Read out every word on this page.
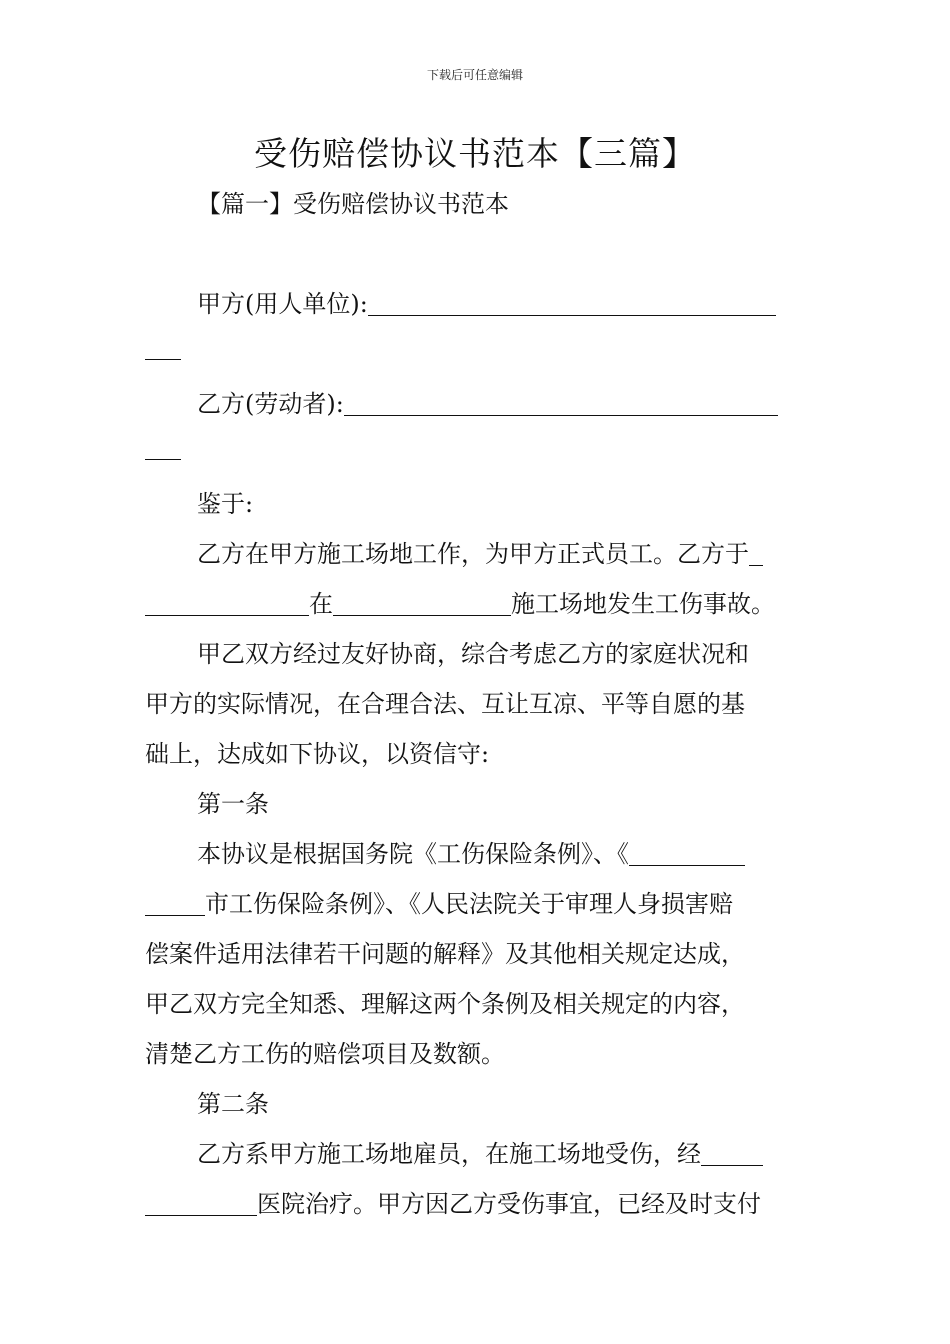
下载后可任意编辑
受伤赔偿协议书范本【三篇】
【篇一】受伤赔偿协议书范本
甲方(用人单位):
乙方(劳动者):
鉴于:
乙方在甲方施工场地工作，为甲方正式员工。乙方于
在	施工场地发生工伤事故。
甲乙双方经过友好协商，综合考虑乙方的家庭状况和
甲方的实际情况，在合理合法、互让互凉、平等自愿的基
础上，达成如下协议，以资信守:
第一条
本协议是根据国务院《工伤保险条例》、《
市工伤保险条例》、《人民法院关于审理人身损害赔
偿案件适用法律若干问题的解释》及其他相关规定达成，
甲乙双方完全知悉、理解这两个条例及相关规定的内容，
清楚乙方工伤的赔偿项目及数额。
第二条
乙方系甲方施工场地雇员，在施工场地受伤，经
医院治疗。甲方因乙方受伤事宜，已经及时支付
